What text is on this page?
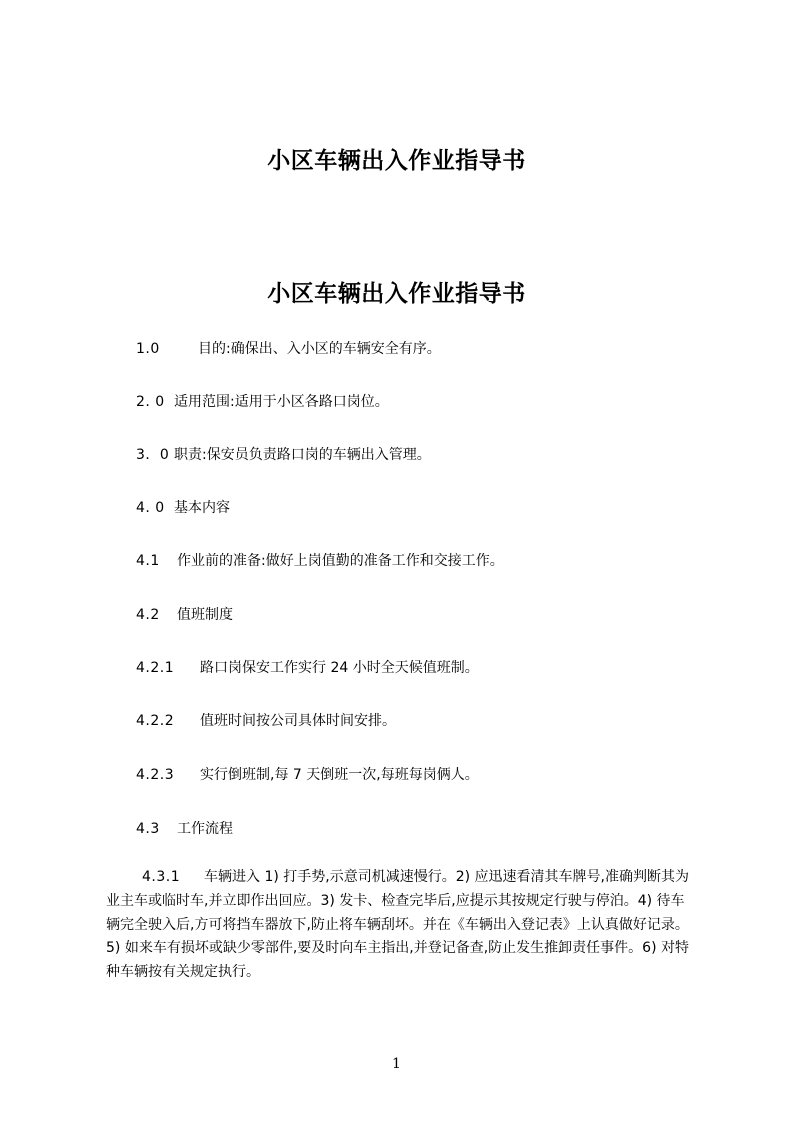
小区车辆出入作业指导书
小区车辆出入作业指导书
1.0	目的:确保出、入小区的车辆安全有序。
2. 0 适用范围:适用于小区各路口岗位。
3．0 职责:保安员负责路口岗的车辆出入管理。
4. 0 基本内容
4.1 作业前的准备:做好上岗值勤的准备工作和交接工作。
4.2 值班制度
4.2.1 路口岗保安工作实行 24 小时全天候值班制。
4.2.2 值班时间按公司具体时间安排。
4.2.3 实行倒班制,每 7 天倒班一次,每班每岗俩人。
4.3 工作流程
4.3.1 车辆进入 1) 打手势,示意司机减速慢行。2) 应迅速看清其车牌号,准确判断其为业主车或临时车,并立即作出回应。3) 发卡、检查完毕后,应提示其按规定行驶与停泊。4) 待车辆完全驶入后,方可将挡车器放下,防止将车辆刮坏。并在《车辆出入登记表》上认真做好记录。5) 如来车有损坏或缺少零部件,要及时向车主指出,并登记备查,防止发生推卸责任事件。6) 对特种车辆按有关规定执行。
1
